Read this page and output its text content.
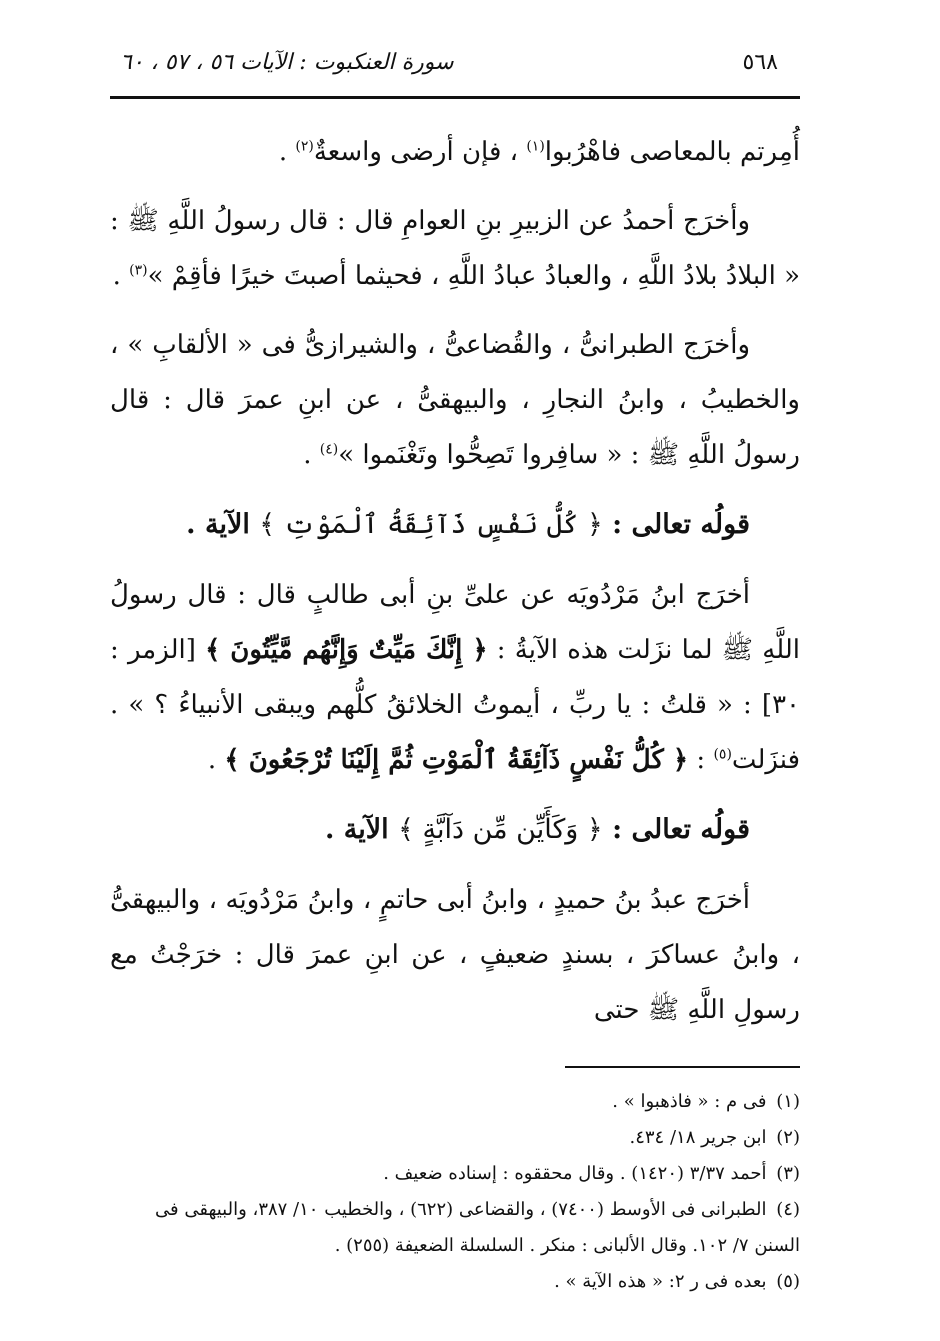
٥٦٨
سورة العنكبوت : الآيات ٥٦ ، ٥٧ ، ٦٠

أُمِرتم بالمعاصى فاهْرُبوا$^{(١)}$ ، فإن أرضى واسعةٌ$^{(٢)}$ .

وأخرَج أحمدُ عن الزبيرِ بنِ العوامِ قال : قال رسولُ اللَّهِ ﷺ : « البلادُ بلادُ اللَّهِ ، والعبادُ عبادُ اللَّهِ ، فحيثما أصبتَ خيرًا فأقِمْ »$^{(٣)}$ .

وأخرَج الطبرانىُّ ، والقُضاعىُّ ، والشيرازىُّ فى « الألقابِ » ، والخطيبُ ، وابنُ النجارِ ، والبيهقىُّ ، عن ابنِ عمرَ قال : قال رسولُ اللَّهِ ﷺ : « سافِروا تَصِحُّوا وتَغْنَموا »$^{(٤)}$ .

قولُه تعالى : ﴿ كُلُّ نَفْسٍ ذَآئِقَةُ ٱلْمَوْتِ ﴾ الآية .

أخرَج ابنُ مَرْدُويَه عن علىِّ بنِ أبى طالبٍ قال : قال رسولُ اللَّهِ ﷺ لما نزَلت هذه الآيةُ : ﴿ إِنَّكَ مَيِّتٌ وَإِنَّهُم مَّيِّتُونَ ﴾ [الزمر : ٣٠] : « قلتُ : يا ربِّ ، أيموتُ الخلائقُ كلُّهم ويبقى الأنبياءُ ؟ » . فنزَلت$^{(٥)}$ : ﴿ كُلُّ نَفْسٍ ذَآئِقَةُ ٱلْمَوْتِ ثُمَّ إِلَيْنَا تُرْجَعُونَ ﴾ .

قولُه تعالى : ﴿ وَكَأَيِّن مِّن دَآبَّةٍ ﴾ الآية .

أخرَج عبدُ بنُ حميدٍ ، وابنُ أبى حاتمٍ ، وابنُ مَرْدُويَه ، والبيهقىُّ ، وابنُ عساكرَ ، بسندٍ ضعيفٍ ، عن ابنِ عمرَ قال : خرَجْتُ مع رسولِ اللَّهِ ﷺ حتى

(١) فى م : « فاذهبوا » .

(٢) ابن جرير ١٨/ ٤٣٤.

(٣) أحمد ٣/٣٧ (١٤٢٠) . وقال محققوه : إسناده ضعيف .

(٤) الطبرانى فى الأوسط (٧٤٠٠) ، والقضاعى (٦٢٢) ، والخطيب ١٠/ ٣٨٧، والبيهقى فى السنن ٧/ ١٠٢. وقال الألبانى : منكر . السلسلة الضعيفة (٢٥٥) .

(٥) بعده فى ر ٢: « هذه الآية » .
